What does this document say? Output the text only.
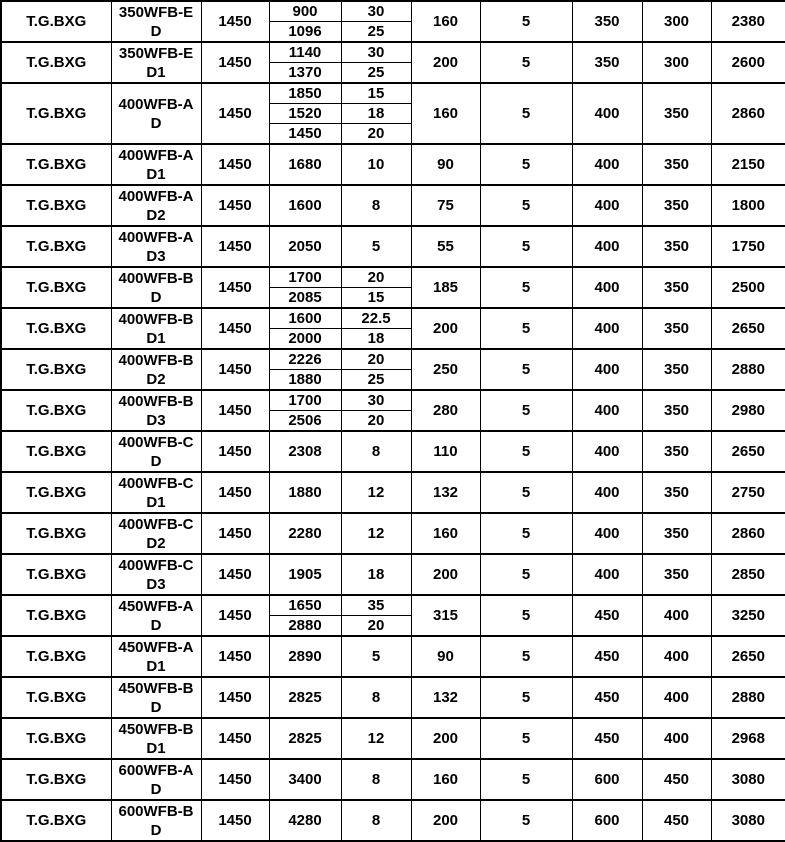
T.G.BXG	350WFB-ED	1450	900	30	160	5	350	300	2380
			1096	25					
T.G.BXG	350WFB-ED1	1450	1140	30	200	5	350	300	2600
			1370	25					
T.G.BXG	400WFB-AD	1450	1850	15	160	5	400	350	2860
			1520	18					
			1450	20					
T.G.BXG	400WFB-AD1	1450	1680	10	90	5	400	350	2150
T.G.BXG	400WFB-AD2	1450	1600	8	75	5	400	350	1800
T.G.BXG	400WFB-AD3	1450	2050	5	55	5	400	350	1750
T.G.BXG	400WFB-BD	1450	1700	20	185	5	400	350	2500
			2085	15					
T.G.BXG	400WFB-BD1	1450	1600	22.5	200	5	400	350	2650
			2000	18					
T.G.BXG	400WFB-BD2	1450	2226	20	250	5	400	350	2880
			1880	25					
T.G.BXG	400WFB-BD3	1450	1700	30	280	5	400	350	2980
			2506	20					
T.G.BXG	400WFB-CD	1450	2308	8	110	5	400	350	2650
T.G.BXG	400WFB-CD1	1450	1880	12	132	5	400	350	2750
T.G.BXG	400WFB-CD2	1450	2280	12	160	5	400	350	2860
T.G.BXG	400WFB-CD3	1450	1905	18	200	5	400	350	2850
T.G.BXG	450WFB-AD	1450	1650	35	315	5	450	400	3250
			2880	20					
T.G.BXG	450WFB-AD1	1450	2890	5	90	5	450	400	2650
T.G.BXG	450WFB-BD	1450	2825	8	132	5	450	400	2880
T.G.BXG	450WFB-BD1	1450	2825	12	200	5	450	400	2968
T.G.BXG	600WFB-AD	1450	3400	8	160	5	600	450	3080
T.G.BXG	600WFB-BD	1450	4280	8	200	5	600	450	3080
